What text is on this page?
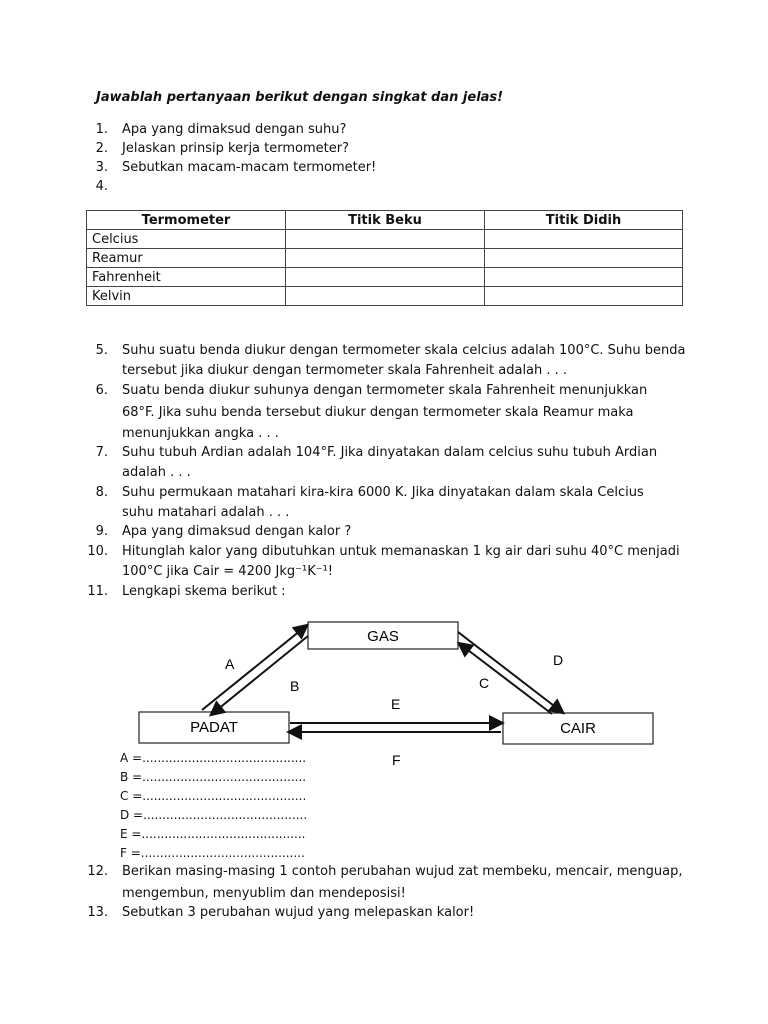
Jawablah pertanyaan berikut dengan singkat dan jelas!
1. Apa yang dimaksud dengan suhu?
2. Jelaskan prinsip kerja termometer?
3. Sebutkan macam-macam termometer!
4.
Termometer	Titik Beku	Titik Didih
Celcius		
Reamur		
Fahrenheit		
Kelvin		
5. Suhu suatu benda diukur dengan termometer skala celcius adalah 100°C. Suhu benda
tersebut jika diukur dengan termometer skala Fahrenheit adalah . . .
6. Suatu benda diukur suhunya dengan termometer skala Fahrenheit menunjukkan
68°F. Jika suhu benda tersebut diukur dengan termometer skala Reamur maka
menunjukkan angka . . .
7. Suhu tubuh Ardian adalah 104°F. Jika dinyatakan dalam celcius suhu tubuh Ardian
adalah . . .
8. Suhu permukaan matahari kira-kira 6000 K. Jika dinyatakan dalam skala Celcius
suhu matahari adalah . . .
9. Apa yang dimaksud dengan kalor ?
10. Hitunglah kalor yang dibutuhkan untuk memanaskan 1 kg air dari suhu 40°C menjadi
100°C jika Cair = 4200 Jkg⁻¹K⁻¹!
11. Lengkapi skema berikut :
GAS
PADAT	CAIR
A
B	C
D
E
F
A =...........................................
B =...........................................
C =...........................................
D =...........................................
E =...........................................
F =...........................................
12. Berikan masing-masing 1 contoh perubahan wujud zat membeku, mencair, menguap,
mengembun, menyublim dan mendeposisi!
13. Sebutkan 3 perubahan wujud yang melepaskan kalor!
